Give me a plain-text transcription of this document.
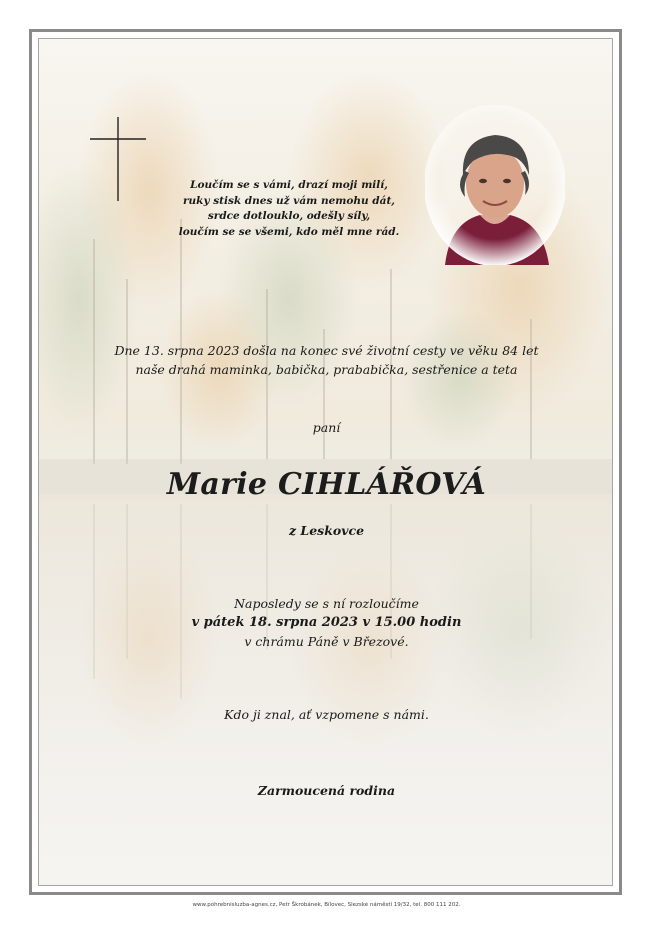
Loučím se s vámi, drazí moji milí,
ruky stisk dnes už vám nemohu dát,
srdce dotlouklo, odešly síly,
loučím se se všemi, kdo měl mne rád.
Dne 13. srpna 2023 došla na konec své životní cesty ve věku 84 let
naše drahá maminka, babička, prababička, sestřenice a teta
paní
Marie CIHLÁŘOVÁ
z Leskovce
Naposledy se s ní rozloučíme
v pátek 18. srpna 2023 v 15.00 hodin
v chrámu Páně v Březové.
Kdo ji znal, ať vzpomene s námi.
Zarmoucená rodina
www.pohrebnisluzba-agnes.cz, Petr Škrobánek, Bílovec, Slezské náměstí 19/32, tel. 800 111 202.
